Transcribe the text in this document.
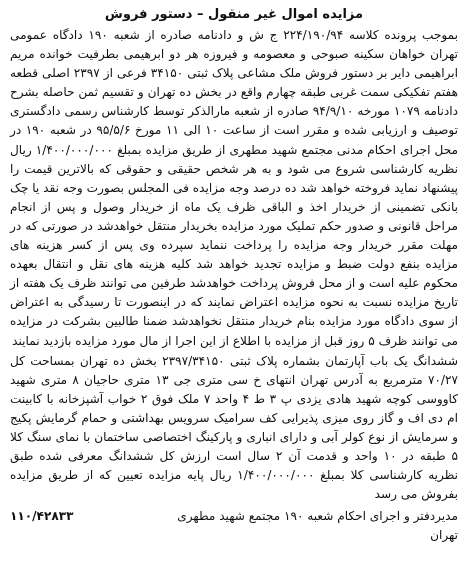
مزایده اموال غیر منقول – دستور فروش

بموجب پرونده کلاسه ۲۲۴/۱۹۰/۹۴ ج ش و دادنامه صادره از شعبه ۱۹۰ دادگاه عمومی تهران خواهان سکینه صبوحی و معصومه و فیروزه هر دو ابرهیمی بطرفیت خوانده مریم ابراهیمی دایر بر دستور فروش ملک مشاعی پلاک ثبتی ۳۴۱۵۰ فرعی از ۲۳۹۷ اصلی قطعه هفتم تفکیکی سمت غربی طبقه چهارم واقع در بخش ده تهران و تقسیم ثمن حاصله بشرح دادنامه ۱۰۷۹ مورخه ۹۴/۹/۱۰ صادره از شعبه مارالذکر توسط کارشناس رسمی دادگستری توصیف و ارزیابی شده و مقرر است از ساعت ۱۰ الی ۱۱ مورخ ۹۵/۵/۶ در شعبه ۱۹۰ در محل اجرای احکام مدنی مجتمع شهید مطهری از طریق مزایده بمبلغ ۱/۴۰۰/۰۰۰/۰۰۰ ریال نظریه کارشناسی شروع می شود و به هر شخص حقیقی و حقوقی که بالاترین قیمت را پیشنهاد نماید فروخته خواهد شد ده درصد وجه مزایده فی المجلس بصورت وجه نقد یا چک بانکی تضمینی از خریدار اخذ و الباقی ظرف یک ماه از خریدار وصول و پس از انجام مراحل قانونی و صدور حکم تملیک مورد مزایده بخریدار منتقل خواهدشد در صورتی که در مهلت مقرر خریدار وجه مزایده را پرداخت ننماید سپرده وی پس از کسر هزینه های مزایده بنفع دولت ضبط و مزایده تجدید خواهد شد کلیه هزینه های نقل و انتقال بعهده محکوم علیه است و از محل فروش پرداخت خواهدشد طرفین می توانند ظرف یک هفته از تاریخ مزایده نسبت به نحوه مزایده اعتراض نمایند که در اینصورت تا رسیدگی به اعتراض از سوی دادگاه مورد مزایده بنام خریدار منتقل نخواهدشد ضمنا طالبین بشرکت در مزایده می توانند ظرف ۵ روز قبل از مزایده با اطلاع از این اجرا از مال مورد مزایده بازدید نمایند

ششدانگ یک باب آپارتمان بشماره پلاک ثبتی ۲۳۹۷/۳۴۱۵۰ بخش ده تهران بمساحت کل ۷۰/۲۷ مترمربع به آدرس تهران انتهای خ سی متری جی ۱۳ متری حاجیان ۸ متری شهید کاووسی کوچه شهید هادی یزدی پ ۳ ط ۴ واحد ۷ ملک فوق ۲ خواب آشپزخانه با کابینت ام دی اف و گاز روی میزی پذیرایی کف سرامیک سرویس بهداشتی و حمام گرمایش پکیج و سرمایش از نوع کولر آبی و دارای انباری و پارکینگ اختصاصی ساختمان با نمای سنگ کلا ۵ طبقه در ۱۰ واحد و قدمت آن ۲ سال است ارزش کل ششدانگ معرفی شده طبق نظریه کارشناسی کلا بمبلغ ۱/۴۰۰/۰۰۰/۰۰۰ ریال پایه مزایده تعیین که از طریق مزایده بفروش می رسد

مدیردفتر و اجرای احکام شعبه ۱۹۰ مجتمع شهید مطهری
۱۱۰/۴۲۸۳۳
تهران
